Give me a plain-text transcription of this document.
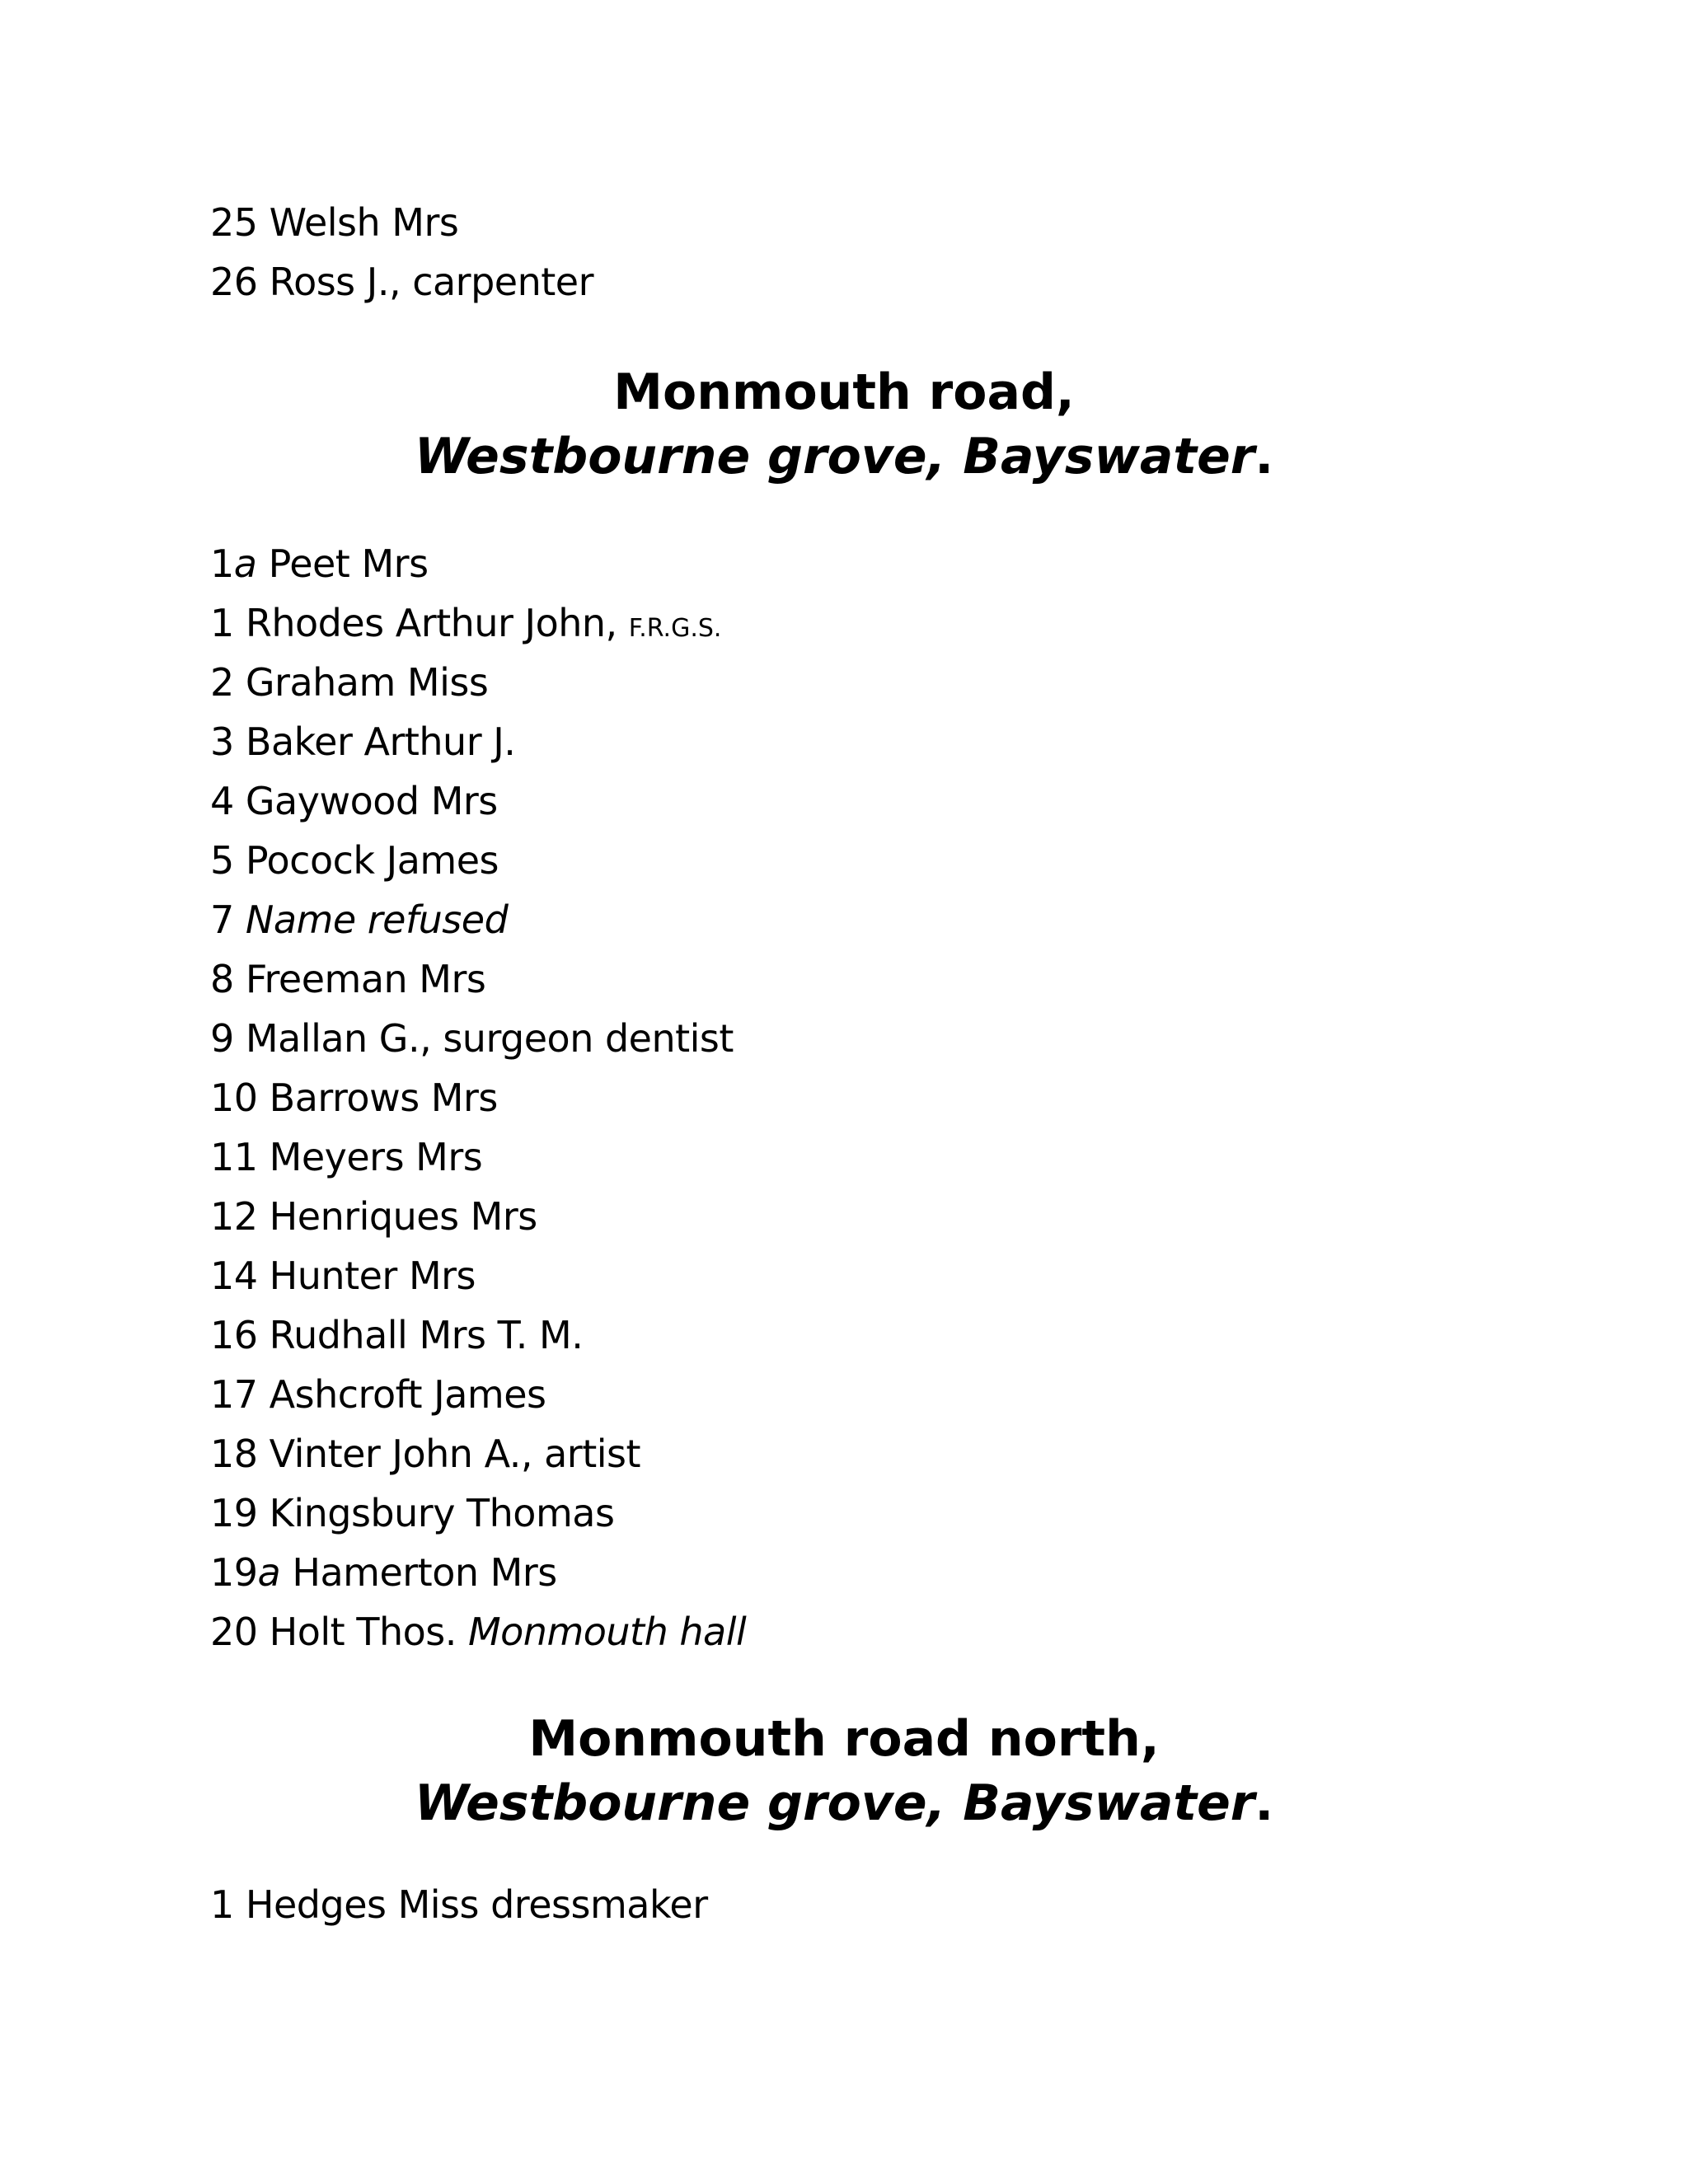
25 Welsh Mrs
26 Ross J., carpenter
Monmouth road,
Westbourne grove, Bayswater.
1a Peet Mrs
1 Rhodes Arthur John, F.R.G.S.
2 Graham Miss
3 Baker Arthur J.
4 Gaywood Mrs
5 Pocock James
7 Name refused
8 Freeman Mrs
9 Mallan G., surgeon dentist
10 Barrows Mrs
11 Meyers Mrs
12 Henriques Mrs
14 Hunter Mrs
16 Rudhall Mrs T. M.
17 Ashcroft James
18 Vinter John A., artist
19 Kingsbury Thomas
19a Hamerton Mrs
20 Holt Thos. Monmouth hall
Monmouth road north,
Westbourne grove, Bayswater.
1 Hedges Miss dressmaker
